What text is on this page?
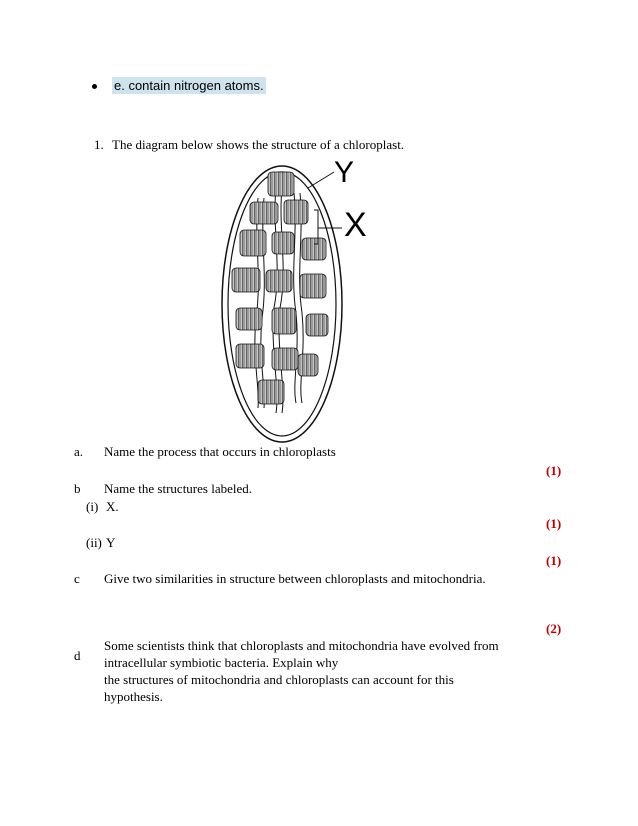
e. contain nitrogen atoms.
1. The diagram below shows the structure of a chloroplast.
Y
X
a. Name the process that occurs in chloroplasts
(1)
b Name the structures labeled.
(i) X.
(1)
(ii) Y
(1)
c Give two similarities in structure between chloroplasts and mitochondria.
(2)
d
Some scientists think that chloroplasts and mitochondria have evolved from
intracellular symbiotic bacteria. Explain why
the structures of mitochondria and chloroplasts can account for this
hypothesis.
